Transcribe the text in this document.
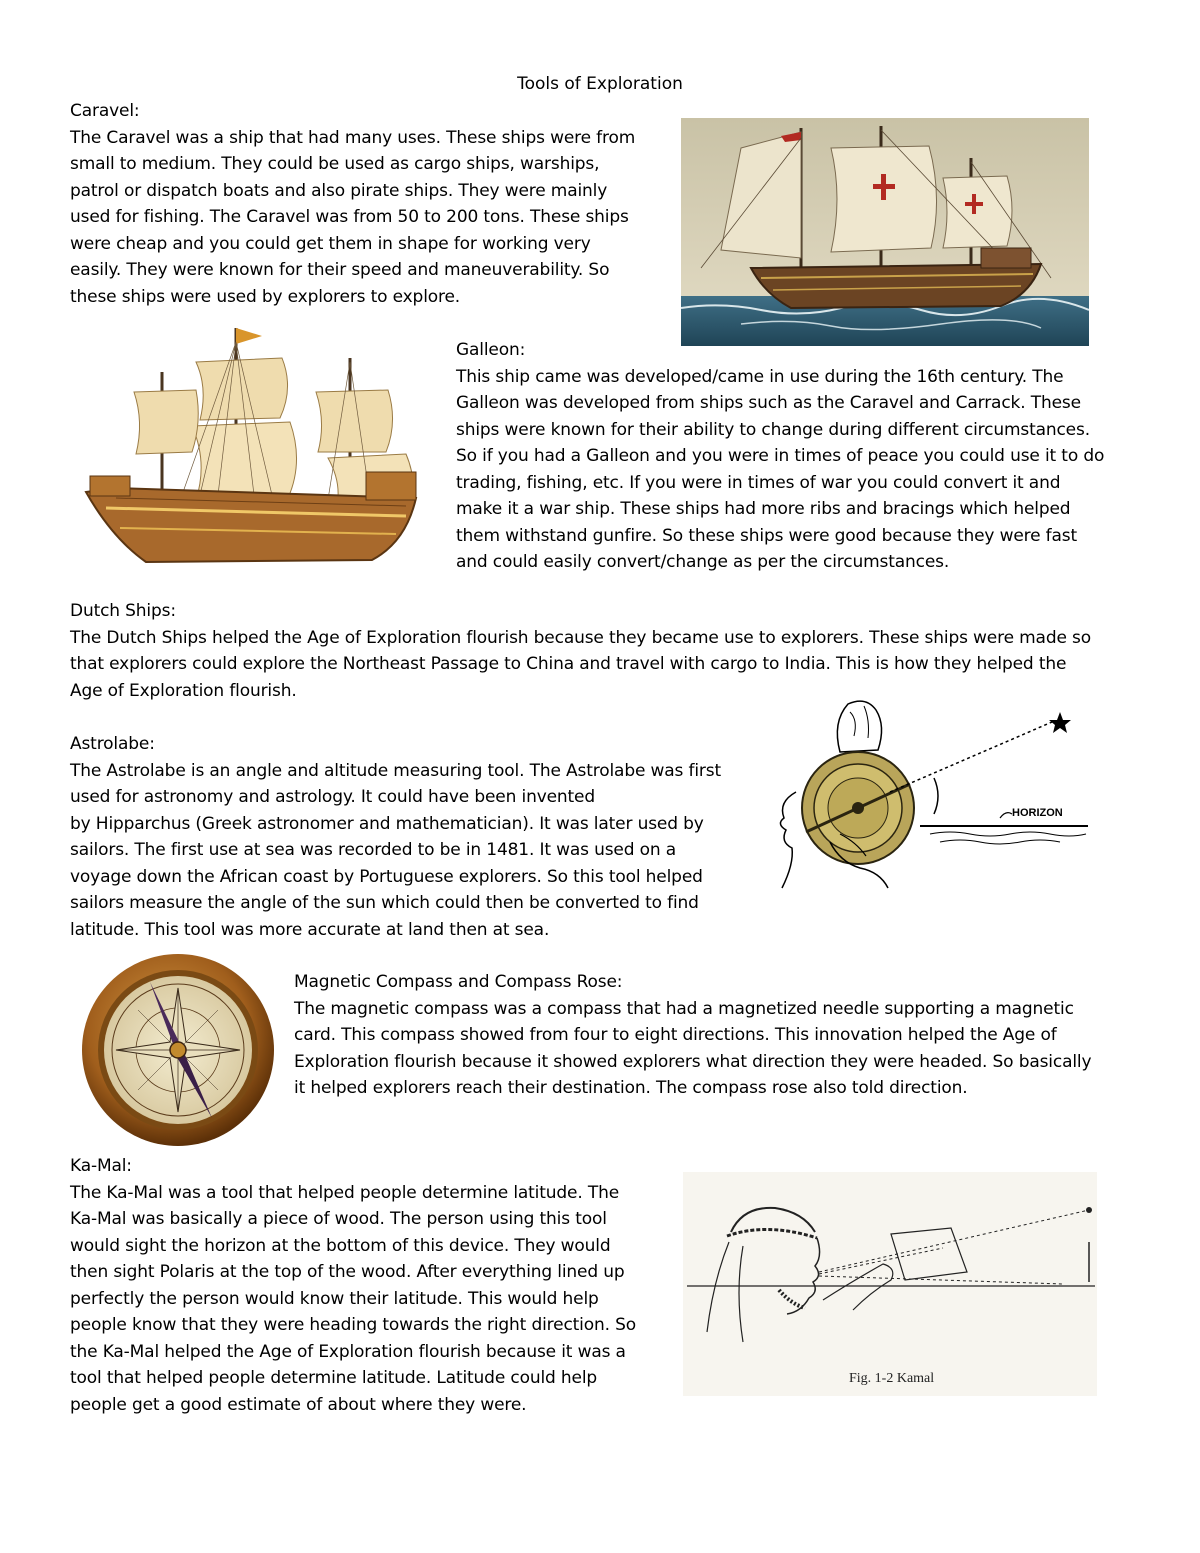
Tools of Exploration

Caravel:

The Caravel was a ship that had many uses. These ships were from

small to medium. They could be used as cargo ships, warships,

patrol or dispatch boats and also pirate ships. They were mainly

used for fishing. The Caravel was from 50 to 200 tons. These ships

were cheap and you could get them in shape for working very

easily. They were known for their speed and maneuverability. So

these ships were used by explorers to explore.

Galleon:

This ship came was developed/came in use during the 16th century. The

Galleon was developed from ships such as the Caravel and Carrack. These

ships were known for their ability to change during different circumstances.

So if you had a Galleon and you were in times of peace you could use it to do

trading, fishing, etc. If you were in times of war you could convert it and

make it a war ship. These ships had more ribs and bracings which helped

them withstand gunfire. So these ships were good because they were fast

and could easily convert/change as per the circumstances.

Dutch Ships:

The Dutch Ships helped the Age of Exploration flourish because they became use to explorers. These ships were made so

that explorers could explore the Northeast Passage to China and travel with cargo to India. This is how they helped the

Age of Exploration flourish.

Astrolabe:

The Astrolabe is an angle and altitude measuring tool. The Astrolabe was first

used for astronomy and astrology. It could have been invented

by Hipparchus (Greek astronomer and mathematician). It was later used by

sailors. The first use at sea was recorded to be in 1481. It was used on a

voyage down the African coast by Portuguese explorers. So this tool helped

sailors measure the angle of the sun which could then be converted to find

latitude. This tool was more accurate at land then at sea.

HORIZON

Magnetic Compass and Compass Rose:

The magnetic compass was a compass that had a magnetized needle supporting a magnetic

card. This compass showed from four to eight directions. This innovation helped the Age of

Exploration flourish because it showed explorers what direction they were headed. So basically

it helped explorers reach their destination. The compass rose also told direction.

Ka-Mal:

The Ka-Mal was a tool that helped people determine latitude. The

Ka-Mal was basically a piece of wood. The person using this tool

would sight the horizon at the bottom of this device. They would

then sight Polaris at the top of the wood. After everything lined up

perfectly the person would know their latitude. This would help

people know that they were heading towards the right direction. So

the Ka-Mal helped the Age of Exploration flourish because it was a

tool that helped people determine latitude. Latitude could help

people get a good estimate of about where they were.

Fig. 1-2 Kamal
